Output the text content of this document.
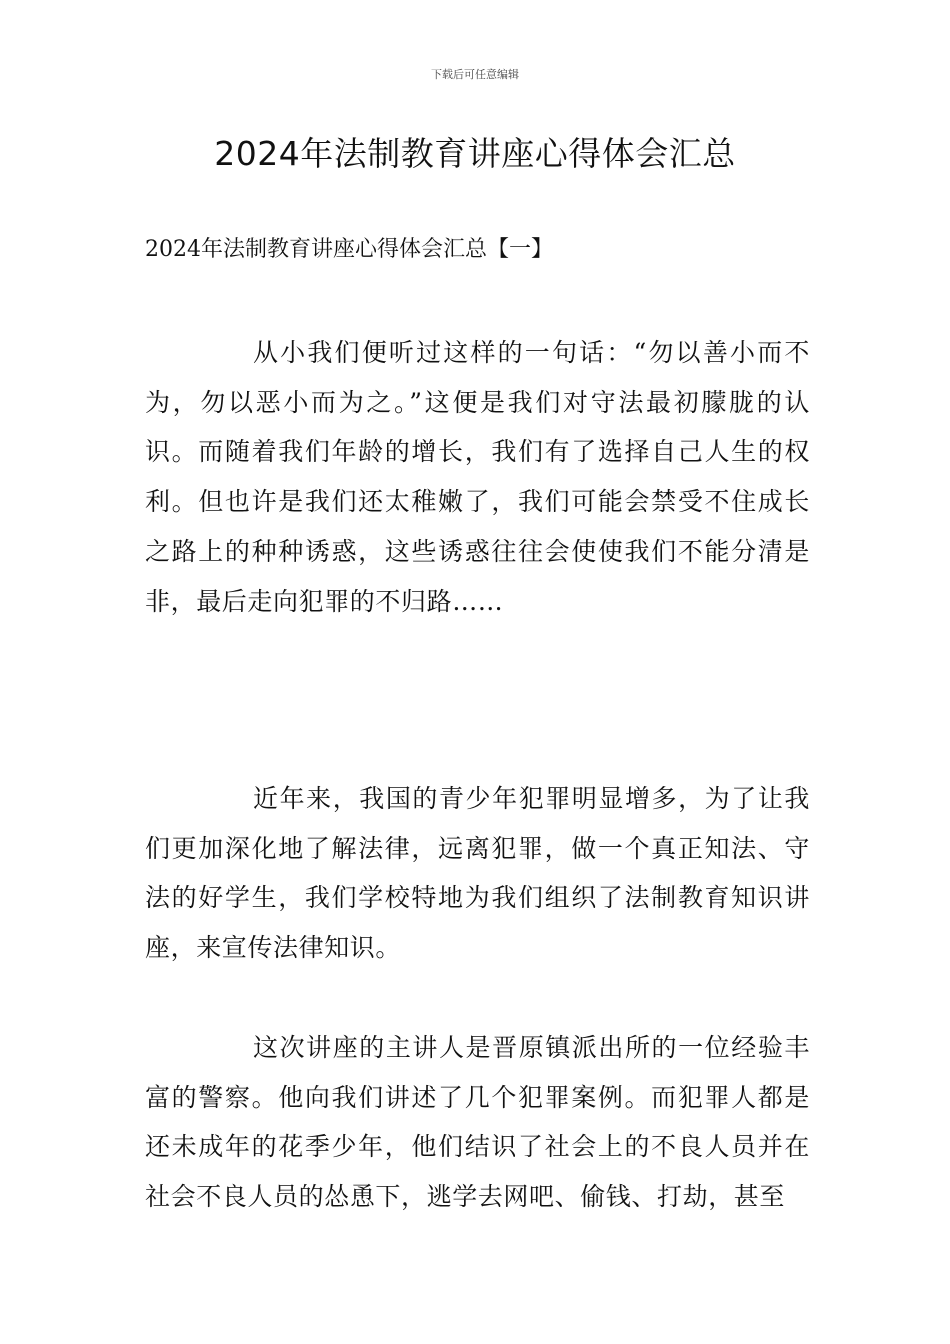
下载后可任意编辑
2024年法制教育讲座心得体会汇总
2024年法制教育讲座心得体会汇总【一】

从小我们便听过这样的一句话：“勿以善小而不为，勿以恶小而为之。”这便是我们对守法最初朦胧的认识。而随着我们年龄的增长，我们有了选择自己人生的权利。但也许是我们还太稚嫩了，我们可能会禁受不住成长之路上的种种诱惑，这些诱惑往往会使使我们不能分清是非，最后走向犯罪的不归路……

近年来，我国的青少年犯罪明显增多，为了让我们更加深化地了解法律，远离犯罪，做一个真正知法、守法的好学生，我们学校特地为我们组织了法制教育知识讲座，来宣传法律知识。

这次讲座的主讲人是晋原镇派出所的一位经验丰富的警察。他向我们讲述了几个犯罪案例。而犯罪人都是还未成年的花季少年，他们结识了社会上的不良人员并在社会不良人员的怂恿下，逃学去网吧、偷钱、打劫，甚至
